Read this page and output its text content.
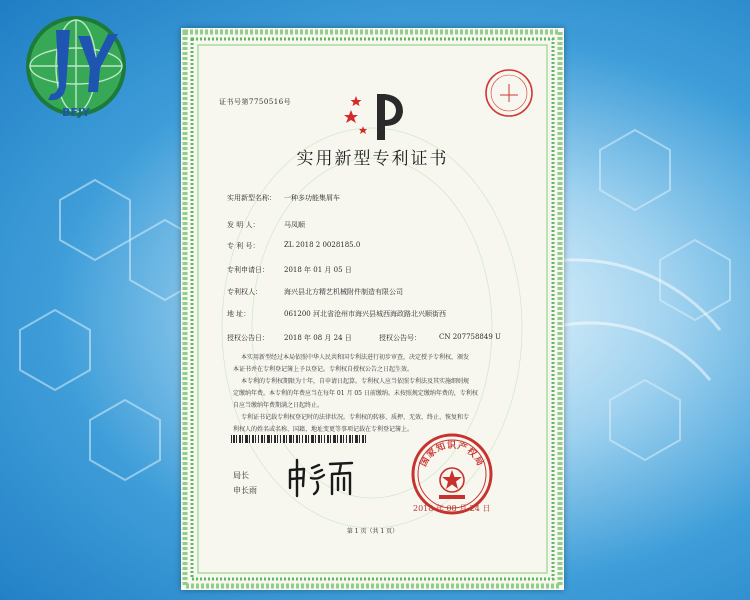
BFJY
证书号第7750516号
实用新型专利证书
实用新型名称： 一种多功能集屑车
发 明 人：	马凤顺
专 利 号：	ZL 2018 2 0028185.0
专利申请日： 2018 年 01 月 05 日
专利权人：	海兴县北方精艺机械附件制造有限公司
地 址：	061200 河北省沧州市海兴县城西海政路北兴顺街西
授权公告日： 2018 年 08 月 24 日	授权公告号：	CN 207758849 U
本实用新型经过本局依照中华人民共和国专利法进行初步审查，决定授予专利权，颁发
本证书并在专利登记簿上予以登记。专利权自授权公告之日起生效。
本专利的专利权期限为十年，自申请日起算。专利权人应当依照专利法及其实施细则规
定缴纳年费。本专利的年费应当在每年 01 月 05 日前缴纳。未按照规定缴纳年费的，专利权
自应当缴纳年费期满之日起终止。
专利证书记载专利权登记时的法律状况。专利权的转移、质押、无效、终止、恢复和专
利权人的姓名或名称、国籍、地址变更等事项记载在专利登记簿上。
局长
申长雨
国家知识产权局
2018 年 08 月 24 日
第 1 页（共 1 页）
